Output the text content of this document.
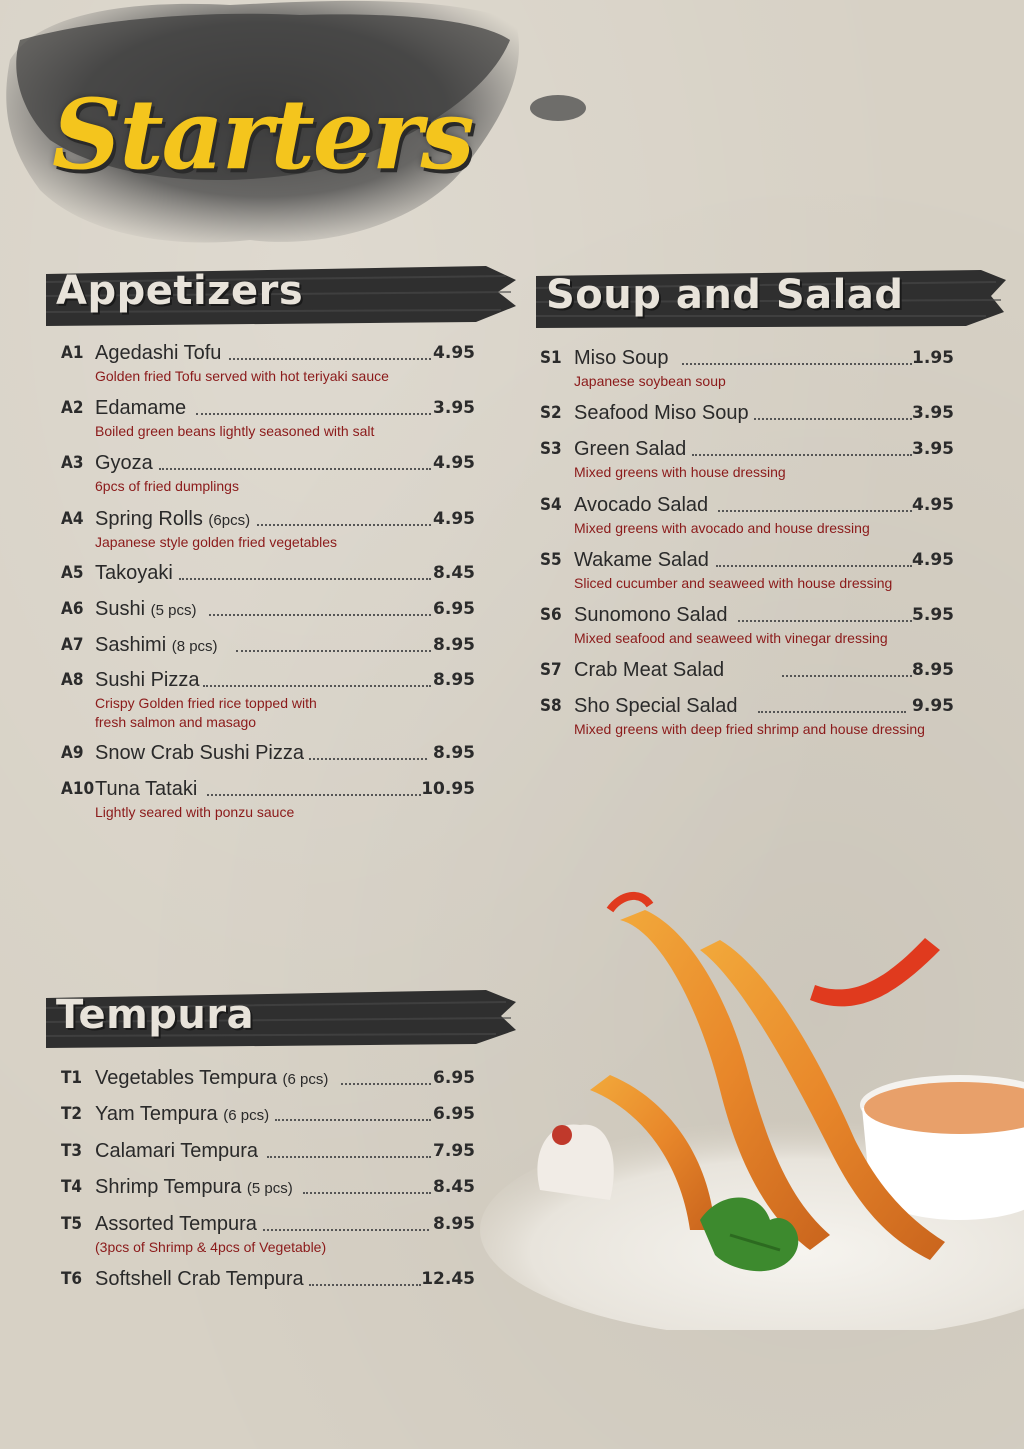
Starters
Appetizers	Soup and Salad
Tempura
A1 Agedashi Tofu	4.95
Golden fried Tofu served with hot teriyaki sauce
A2 Edamame	3.95
Boiled green beans lightly seasoned with salt
A3 Gyoza	4.95
6pcs of fried dumplings
A4 Spring Rolls (6pcs)	4.95
Japanese style golden fried vegetables
A5 Takoyaki	8.45
A6 Sushi (5 pcs)	6.95
A7 Sashimi (8 pcs)	8.95
A8 Sushi Pizza	8.95
Crispy Golden fried rice topped with
fresh salmon and masago
A9 Snow Crab Sushi Pizza	8.95
A10 Tuna Tataki	10.95
Lightly seared with ponzu sauce
S1 Miso Soup	1.95
Japanese soybean soup
S2 Seafood Miso Soup	3.95
S3 Green Salad	3.95
Mixed greens with house dressing
S4 Avocado Salad	4.95
Mixed greens with avocado and house dressing
S5 Wakame Salad	4.95
Sliced cucumber and seaweed with house dressing
S6 Sunomono Salad	5.95
Mixed seafood and seaweed with vinegar dressing
S7 Crab Meat Salad	8.95
S8 Sho Special Salad	9.95
Mixed greens with deep fried shrimp and house dressing
T1 Vegetables Tempura (6 pcs)	6.95
T2 Yam Tempura (6 pcs)	6.95
T3 Calamari Tempura	7.95
T4 Shrimp Tempura (5 pcs)	8.45
T5 Assorted Tempura	8.95
(3pcs of Shrimp & 4pcs of Vegetable)
T6 Softshell Crab Tempura	12.45
